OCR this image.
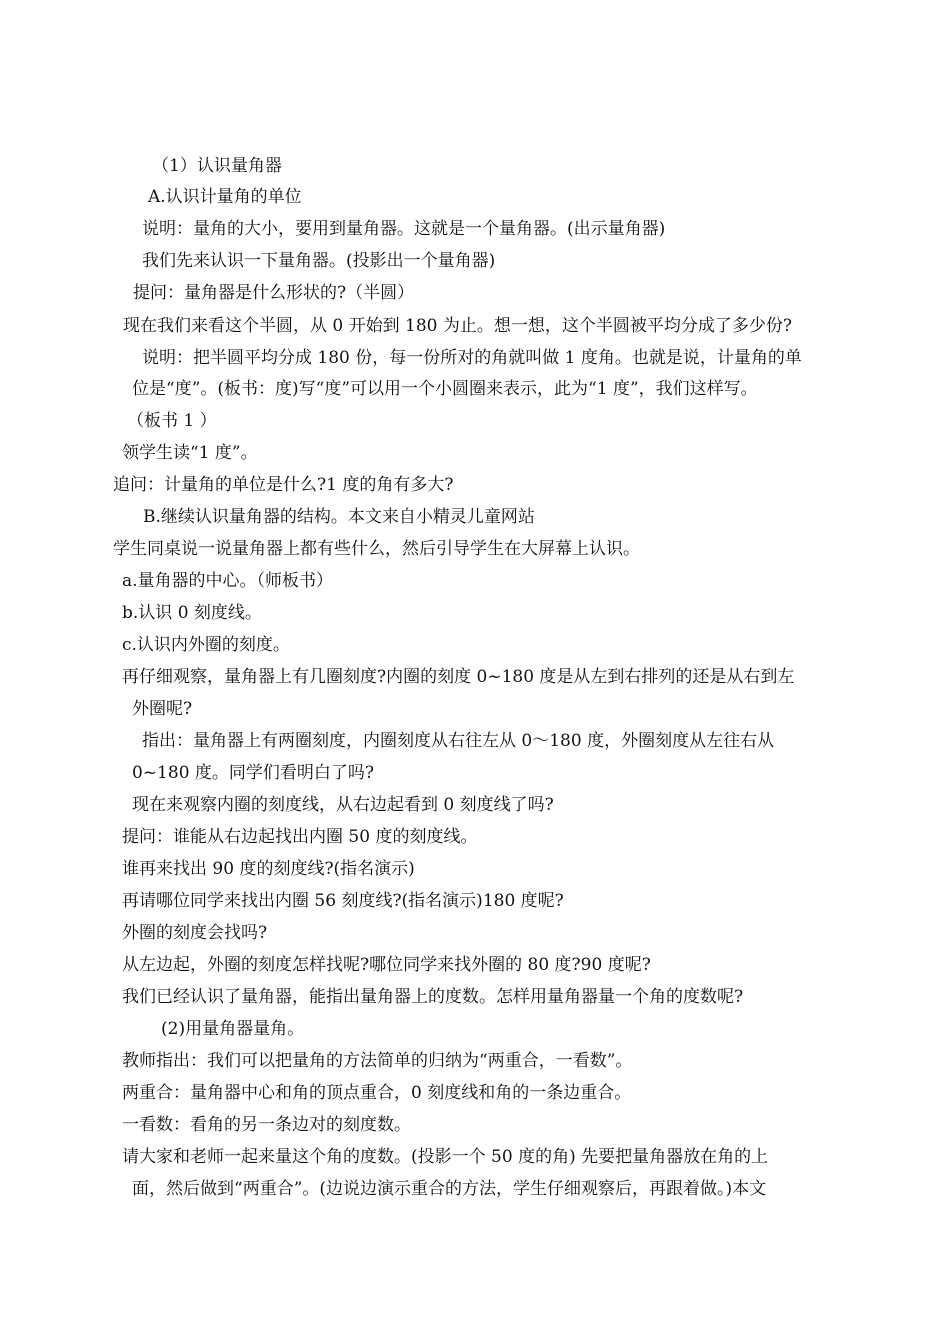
（1）认识量角器
A.认识计量角的单位
说明：量角的大小，要用到量角器。这就是一个量角器。(出示量角器)
我们先来认识一下量角器。(投影出一个量角器)
提问：量角器是什么形状的?（半圆）
现在我们来看这个半圆，从 0 开始到 180 为止。想一想，这个半圆被平均分成了多少份?
说明：把半圆平均分成 180 份，每一份所对的角就叫做 1 度角。也就是说，计量角的单
位是“度”。(板书：度)写“度”可以用一个小圆圈来表示，此为“1 度”，我们这样写。
（板书 1 ）
领学生读“1 度”。
追问：计量角的单位是什么?1 度的角有多大?
B.继续认识量角器的结构。本文来自小精灵儿童网站
学生同桌说一说量角器上都有些什么，然后引导学生在大屏幕上认识。
a.量角器的中心。（师板书）
b.认识 0 刻度线。
c.认识内外圈的刻度。
再仔细观察，量角器上有几圈刻度?内圈的刻度 0~180 度是从左到右排列的还是从右到左
外圈呢?
指出：量角器上有两圈刻度，内圈刻度从右往左从 0～180 度，外圈刻度从左往右从
0~180 度。同学们看明白了吗?
现在来观察内圈的刻度线，从右边起看到 0 刻度线了吗?
提问：谁能从右边起找出内圈 50 度的刻度线。
谁再来找出 90 度的刻度线?(指名演示)
再请哪位同学来找出内圈 56 刻度线?(指名演示)180 度呢?
外圈的刻度会找吗?
从左边起，外圈的刻度怎样找呢?哪位同学来找外圈的 80 度?90 度呢?
我们已经认识了量角器，能指出量角器上的度数。怎样用量角器量一个角的度数呢?
(2)用量角器量角。
教师指出：我们可以把量角的方法简单的归纳为“两重合，一看数”。
两重合：量角器中心和角的顶点重合，0 刻度线和角的一条边重合。
一看数：看角的另一条边对的刻度数。
请大家和老师一起来量这个角的度数。(投影一个 50 度的角) 先要把量角器放在角的上
面，然后做到“两重合”。(边说边演示重合的方法，学生仔细观察后，再跟着做。)本文
